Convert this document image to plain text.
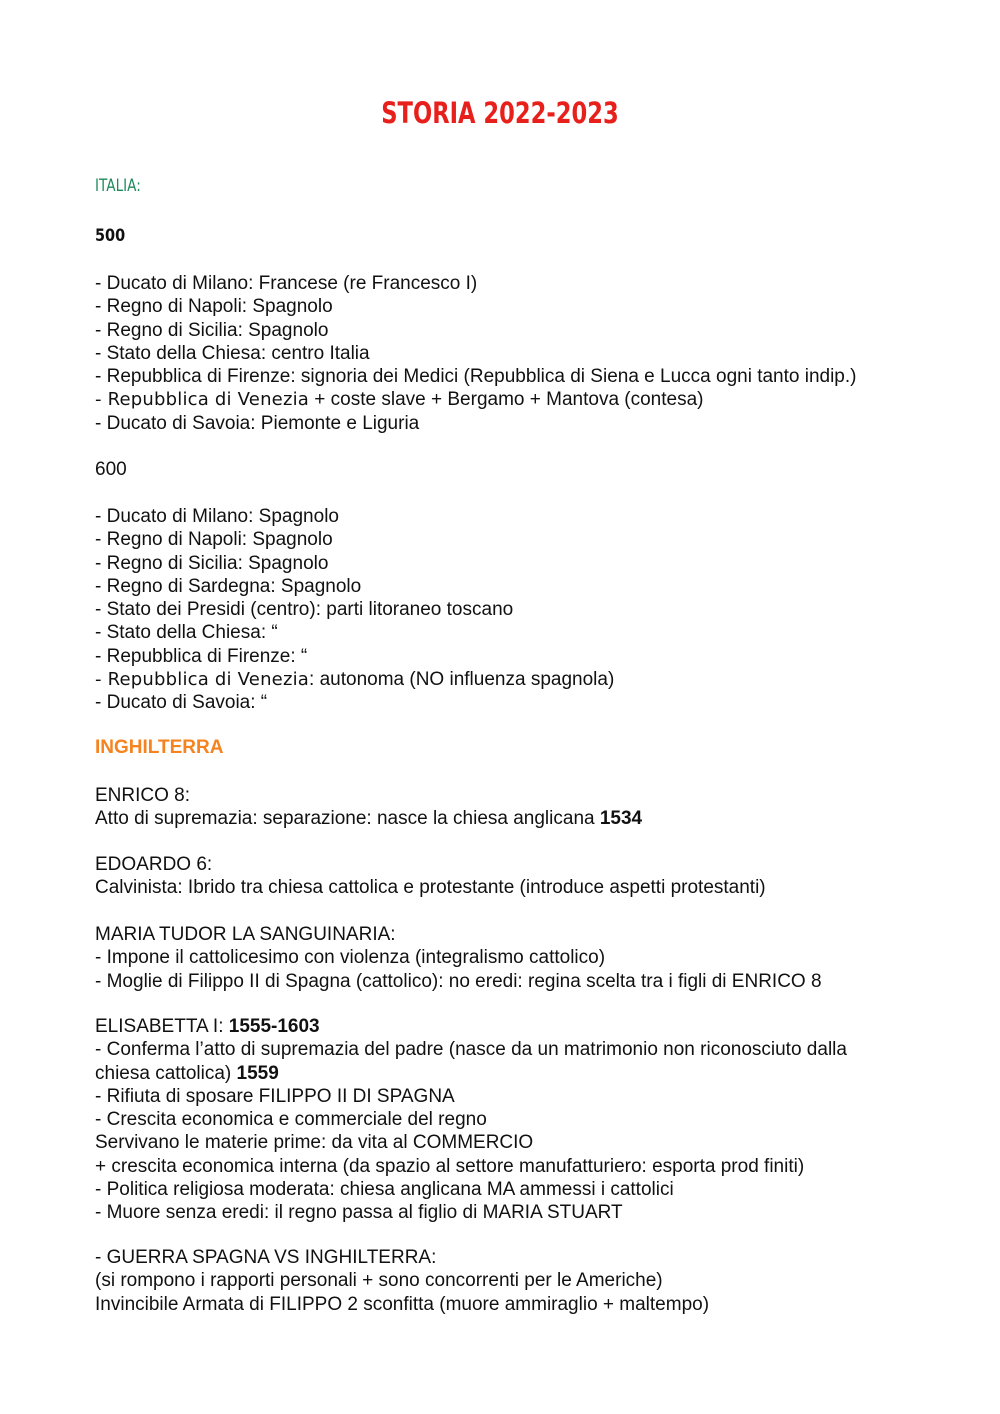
STORIA 2022-2023
ITALIA:
500
- Ducato di Milano: Francese (re Francesco I)
- Regno di Napoli: Spagnolo
- Regno di Sicilia: Spagnolo
- Stato della Chiesa: centro Italia
- Repubblica di Firenze: signoria dei Medici (Repubblica di Siena e Lucca ogni tanto indip.)
- Repubblica di Venezia + coste slave + Bergamo + Mantova (contesa)
- Ducato di Savoia: Piemonte e Liguria
600
- Ducato di Milano: Spagnolo
- Regno di Napoli: Spagnolo
- Regno di Sicilia: Spagnolo
- Regno di Sardegna: Spagnolo
- Stato dei Presidi (centro): parti litoraneo toscano
- Stato della Chiesa: “
- Repubblica di Firenze: “
- Repubblica di Venezia: autonoma (NO influenza spagnola)
- Ducato di Savoia: “
INGHILTERRA
ENRICO 8:
Atto di supremazia: separazione: nasce la chiesa anglicana 1534
EDOARDO 6:
Calvinista: Ibrido tra chiesa cattolica e protestante (introduce aspetti protestanti)
MARIA TUDOR LA SANGUINARIA:
- Impone il cattolicesimo con violenza (integralismo cattolico)
- Moglie di Filippo II di Spagna (cattolico): no eredi: regina scelta tra i figli di ENRICO 8
ELISABETTA I: 1555-1603
- Conferma l’atto di supremazia del padre (nasce da un matrimonio non riconosciuto dalla
chiesa cattolica) 1559
- Rifiuta di sposare FILIPPO II DI SPAGNA
- Crescita economica e commerciale del regno
Servivano le materie prime: da vita al COMMERCIO
+ crescita economica interna (da spazio al settore manufatturiero: esporta prod finiti)
- Politica religiosa moderata: chiesa anglicana MA ammessi i cattolici
- Muore senza eredi: il regno passa al figlio di MARIA STUART
- GUERRA SPAGNA VS INGHILTERRA:
(si rompono i rapporti personali + sono concorrenti per le Americhe)
Invincibile Armata di FILIPPO 2 sconfitta (muore ammiraglio + maltempo)
